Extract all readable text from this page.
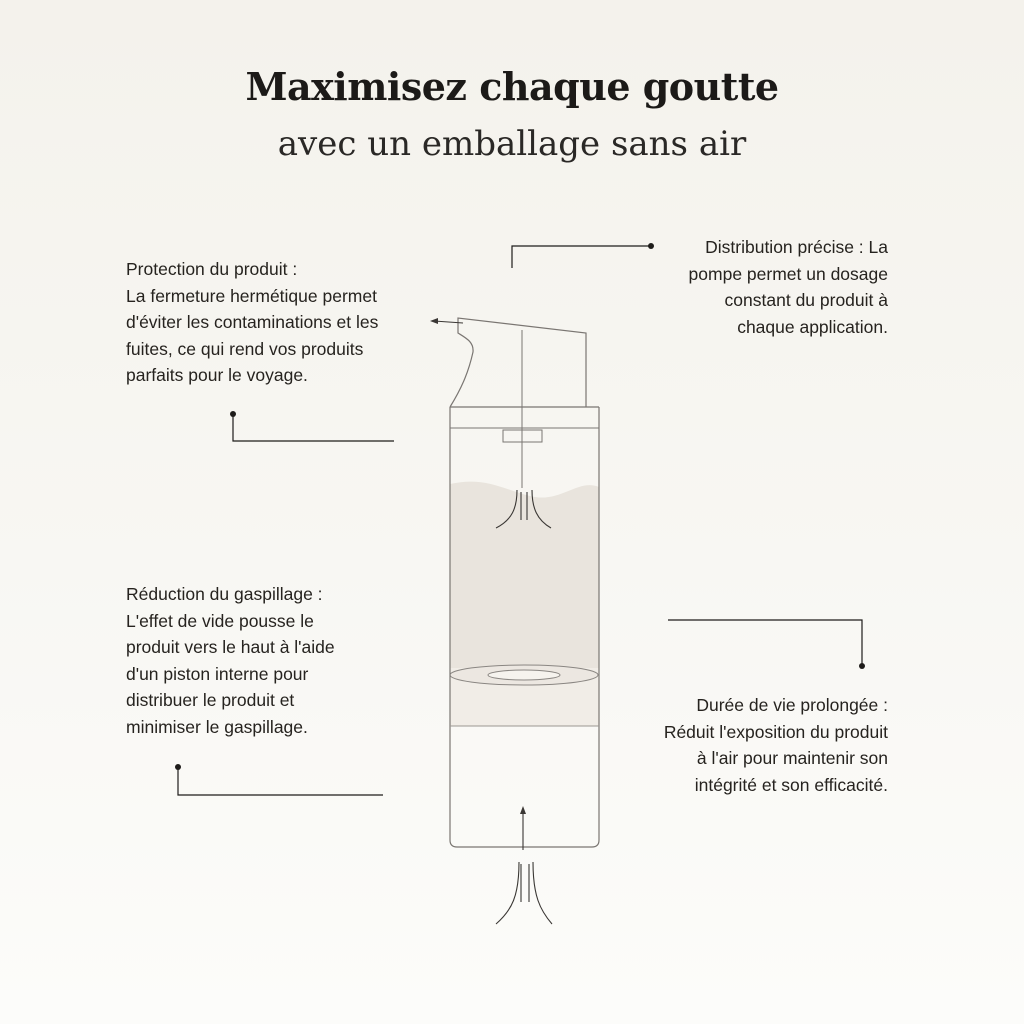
Maximisez chaque goutte
avec un emballage sans air
Protection du produit :
La fermeture hermétique permet
d'éviter les contaminations et les
fuites, ce qui rend vos produits
parfaits pour le voyage.
Distribution précise : La
pompe permet un dosage
constant du produit à
chaque application.
Réduction du gaspillage :
L'effet de vide pousse le
produit vers le haut à l'aide
d'un piston interne pour
distribuer le produit et
minimiser le gaspillage.
Durée de vie prolongée :
Réduit l'exposition du produit
à l'air pour maintenir son
intégrité et son efficacité.
